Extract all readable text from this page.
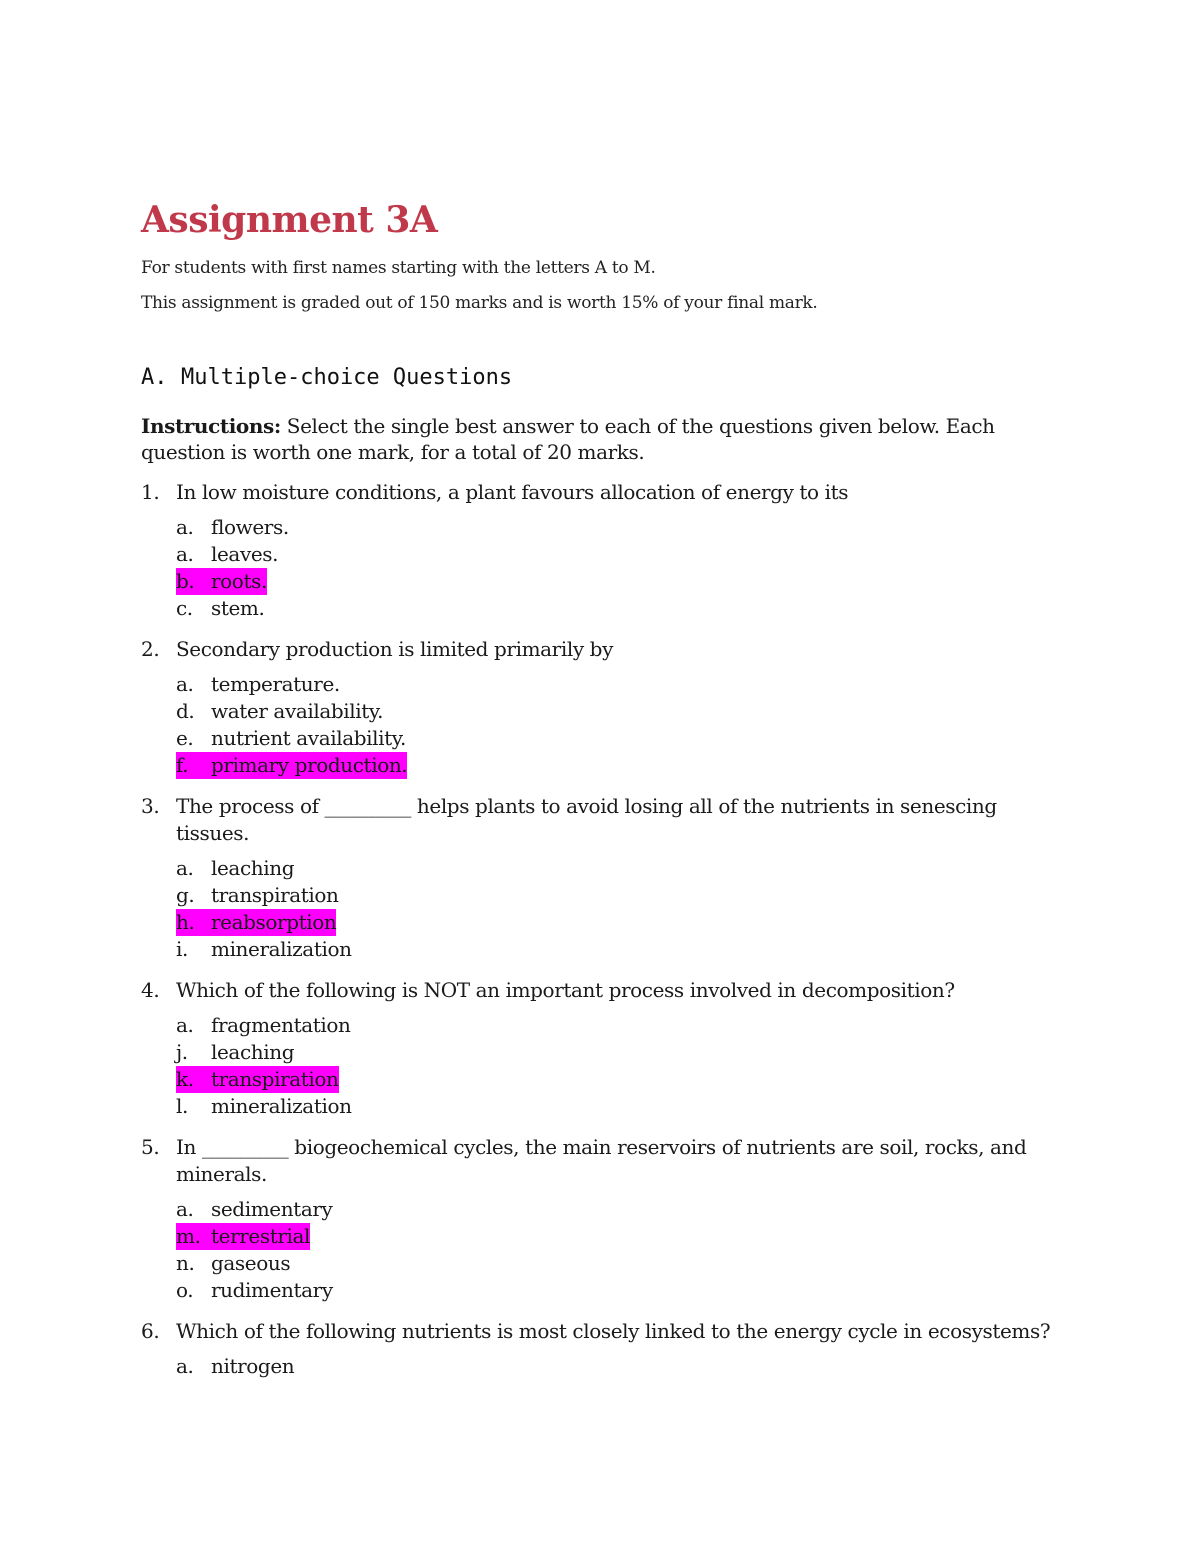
Assignment 3A

For students with first names starting with the letters A to M.

This assignment is graded out of 150 marks and is worth 15% of your final mark.

A. Multiple-choice Questions

Instructions: Select the single best answer to each of the questions given below. Each question is worth one mark, for a total of 20 marks.

1. In low moisture conditions, a plant favours allocation of energy to its
a. flowers.
a. leaves.
b. roots.
c. stem.
2. Secondary production is limited primarily by
a. temperature.
d. water availability.
e. nutrient availability.
f.	primary production.
3. The process of _________ helps plants to avoid losing all of the nutrients in senescing tissues.
a. leaching
g. transpiration
h. reabsorption
i.	mineralization
4. Which of the following is NOT an important process involved in decomposition?
a. fragmentation
j.	leaching
k. transpiration
l.	mineralization
5. In _________ biogeochemical cycles, the main reservoirs of nutrients are soil, rocks, and minerals.
a. sedimentary
m. terrestrial
n. gaseous
o. rudimentary
6. Which of the following nutrients is most closely linked to the energy cycle in ecosystems?
a. nitrogen
